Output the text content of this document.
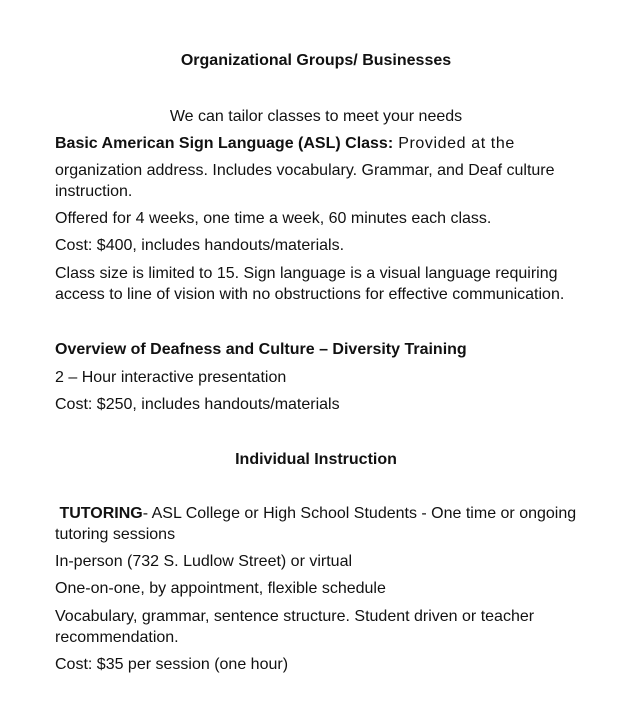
Organizational Groups/ Businesses
We can tailor classes to meet your needs
Basic American Sign Language (ASL) Class: Provided at the
organization address. Includes vocabulary. Grammar, and Deaf culture instruction.
Offered for 4 weeks, one time a week, 60 minutes each class.
Cost: $400, includes handouts/materials.
Class size is limited to 15. Sign language is a visual language requiring access to line of vision with no obstructions for effective communication.
Overview of Deafness and Culture – Diversity Training
2 – Hour interactive presentation
Cost: $250, includes handouts/materials
Individual Instruction
TUTORING- ASL College or High School Students - One time or ongoing tutoring sessions
In-person (732 S. Ludlow Street) or virtual
One-on-one, by appointment, flexible schedule
Vocabulary, grammar, sentence structure. Student driven or teacher recommendation.
Cost: $35 per session (one hour)
